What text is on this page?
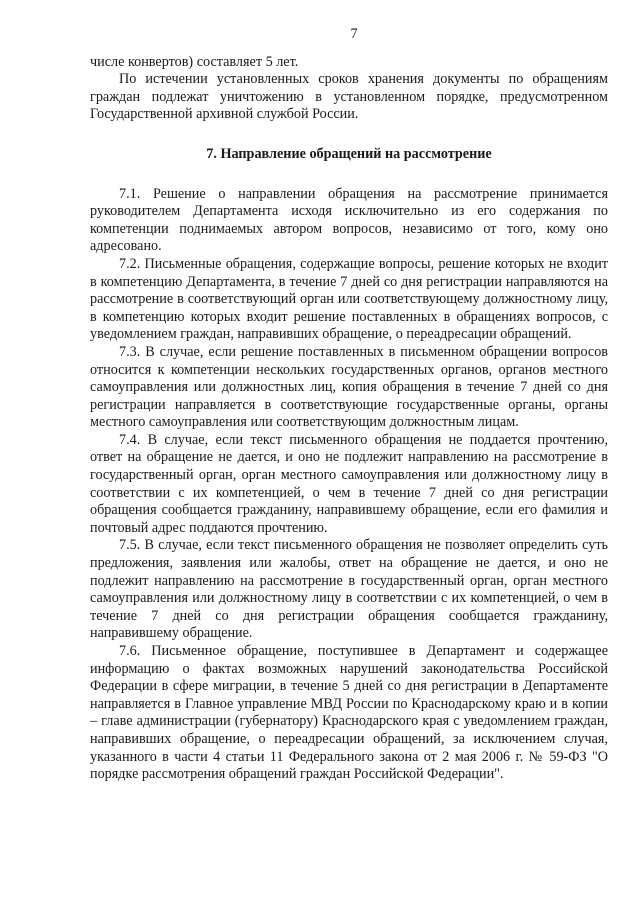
7

числе конвертов) составляет 5 лет.

По истечении установленных сроков хранения документы по обращениям граждан подлежат уничтожению в установленном порядке, предусмотренном Государственной архивной службой России.

7. Направление обращений на рассмотрение

7.1. Решение о направлении обращения на рассмотрение принимается руководителем Департамента исходя исключительно из его содержания по компетенции поднимаемых автором вопросов, независимо от того, кому оно адресовано.

7.2. Письменные обращения, содержащие вопросы, решение которых не входит в компетенцию Департамента, в течение 7 дней со дня регистрации направляются на рассмотрение в соответствующий орган или соответствующему должностному лицу, в компетенцию которых входит решение поставленных в обращениях вопросов, с уведомлением граждан, направивших обращение, о переадресации обращений.

7.3. В случае, если решение поставленных в письменном обращении вопросов относится к компетенции нескольких государственных органов, органов местного самоуправления или должностных лиц, копия обращения в течение 7 дней со дня регистрации направляется в соответствующие государственные органы, органы местного самоуправления или соответствующим должностным лицам.

7.4. В случае, если текст письменного обращения не поддается прочтению, ответ на обращение не дается, и оно не подлежит направлению на рассмотрение в государственный орган, орган местного самоуправления или должностному лицу в соответствии с их компетенцией, о чем в течение 7 дней со дня регистрации обращения сообщается гражданину, направившему обращение, если его фамилия и почтовый адрес поддаются прочтению.

7.5. В случае, если текст письменного обращения не позволяет определить суть предложения, заявления или жалобы, ответ на обращение не дается, и оно не подлежит направлению на рассмотрение в государственный орган, орган местного самоуправления или должностному лицу в соответствии с их компетенцией, о чем в течение 7 дней со дня регистрации обращения сообщается гражданину, направившему обращение.

7.6. Письменное обращение, поступившее в Департамент и содержащее информацию о фактах возможных нарушений законодательства Российской Федерации в сфере миграции, в течение 5 дней со дня регистрации в Департаменте направляется в Главное управление МВД России по Краснодарскому краю и в копии – главе администрации (губернатору) Краснодарского края с уведомлением граждан, направивших обращение, о переадресации обращений, за исключением случая, указанного в части 4 статьи 11 Федерального закона от 2 мая 2006 г. № 59-ФЗ "О порядке рассмотрения обращений граждан Российской Федерации".
